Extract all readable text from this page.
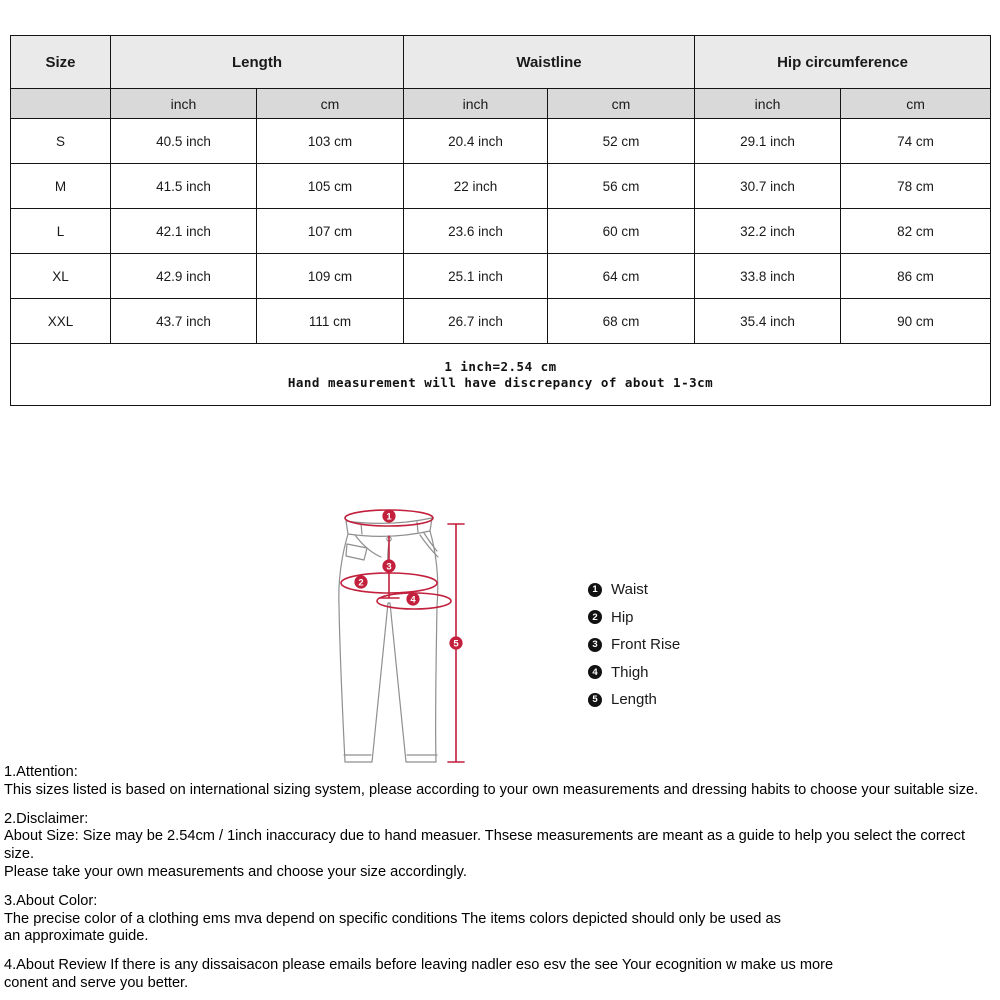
Size	Length		Waistline		Hip circumference	
	inch	cm	inch	cm	inch	cm
S	40.5 inch	103 cm	20.4 inch	52 cm	29.1 inch	74 cm
M	41.5 inch	105 cm	22 inch	56 cm	30.7 inch	78 cm
L	42.1 inch	107 cm	23.6 inch	60 cm	32.2 inch	82 cm
XL	42.9 inch	109 cm	25.1 inch	64 cm	33.8 inch	86 cm
XXL	43.7 inch	111 cm	26.7 inch	68 cm	35.4 inch	90 cm

1 inch=2.54 cm
Hand measurement will have discrepancy of about 1-3cm						
1
2
3
4
5
1 Waist
2 Hip
3 Front Rise
4 Thigh
5 Length
1.Attention:
This sizes listed is based on international sizing system, please according to your own measurements and dressing habits to choose your suitable size.
2.Disclaimer:
About Size: Size may be 2.54cm / 1inch inaccuracy due to hand measuer. Thsese measurements are meant as a guide to help you select the correct size.
Please take your own measurements and choose your size accordingly.
3.About Color:
The precise color of a clothing ems mva depend on specific conditions The items colors depicted should only be used as
an approximate guide.
4.About Review If there is any dissaisacon please emails before leaving nadler eso esv the see Your ecognition w make us more
conent and serve you better.
